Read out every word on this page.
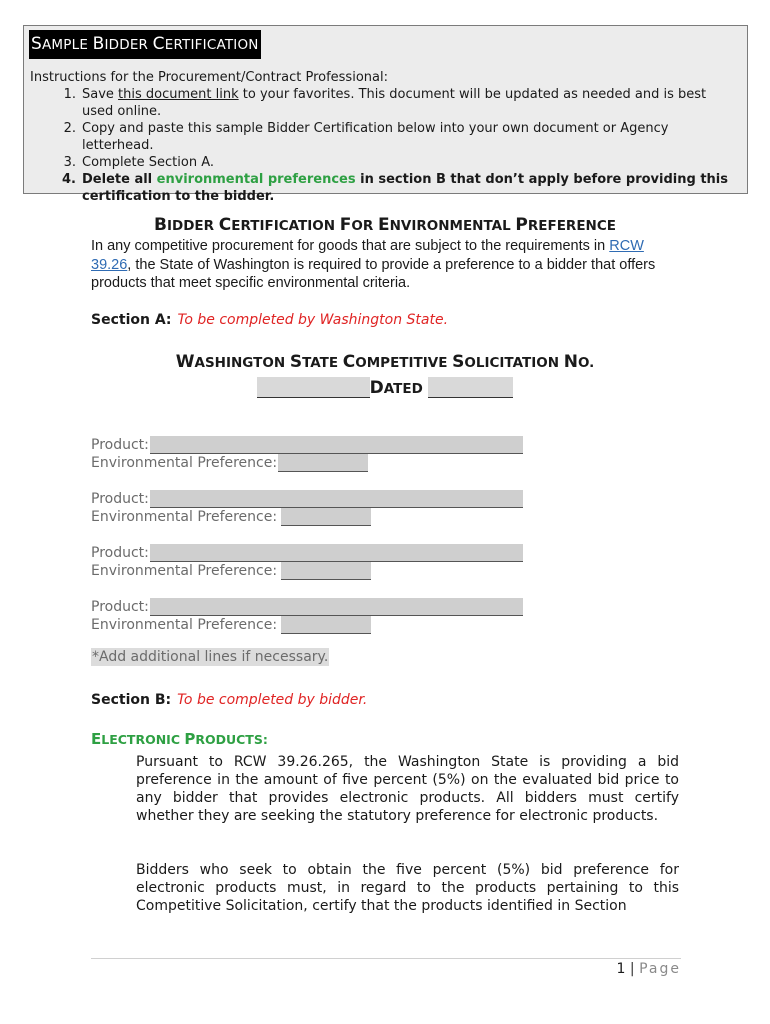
SAMPLE BIDDER CERTIFICATION
Instructions for the Procurement/Contract Professional:
1. Save this document link to your favorites. This document will be updated as needed and is best used online.
2. Copy and paste this sample Bidder Certification below into your own document or Agency letterhead.
3. Complete Section A.
4. Delete all environmental preferences in section B that don’t apply before providing this certification to the bidder.
BIDDER CERTIFICATION FOR ENVIRONMENTAL PREFERENCE
In any competitive procurement for goods that are subject to the requirements in RCW 39.26, the State of Washington is required to provide a preference to a bidder that offers products that meet specific environmental criteria.
Section A: To be completed by Washington State.
WASHINGTON STATE COMPETITIVE SOLICITATION NO.
DATED
Product:
Environmental Preference:
Product:
Environmental Preference:
Product:
Environmental Preference:
Product:
Environmental Preference:
*Add additional lines if necessary.
Section B: To be completed by bidder.
ELECTRONIC PRODUCTS:
Pursuant to RCW 39.26.265, the Washington State is providing a bid preference in the amount of five percent (5%) on the evaluated bid price to any bidder that provides electronic products. All bidders must certify whether they are seeking the statutory preference for electronic products.
Bidders who seek to obtain the five percent (5%) bid preference for electronic products must, in regard to the products pertaining to this Competitive Solicitation, certify that the products identified in Section
1 | Page
